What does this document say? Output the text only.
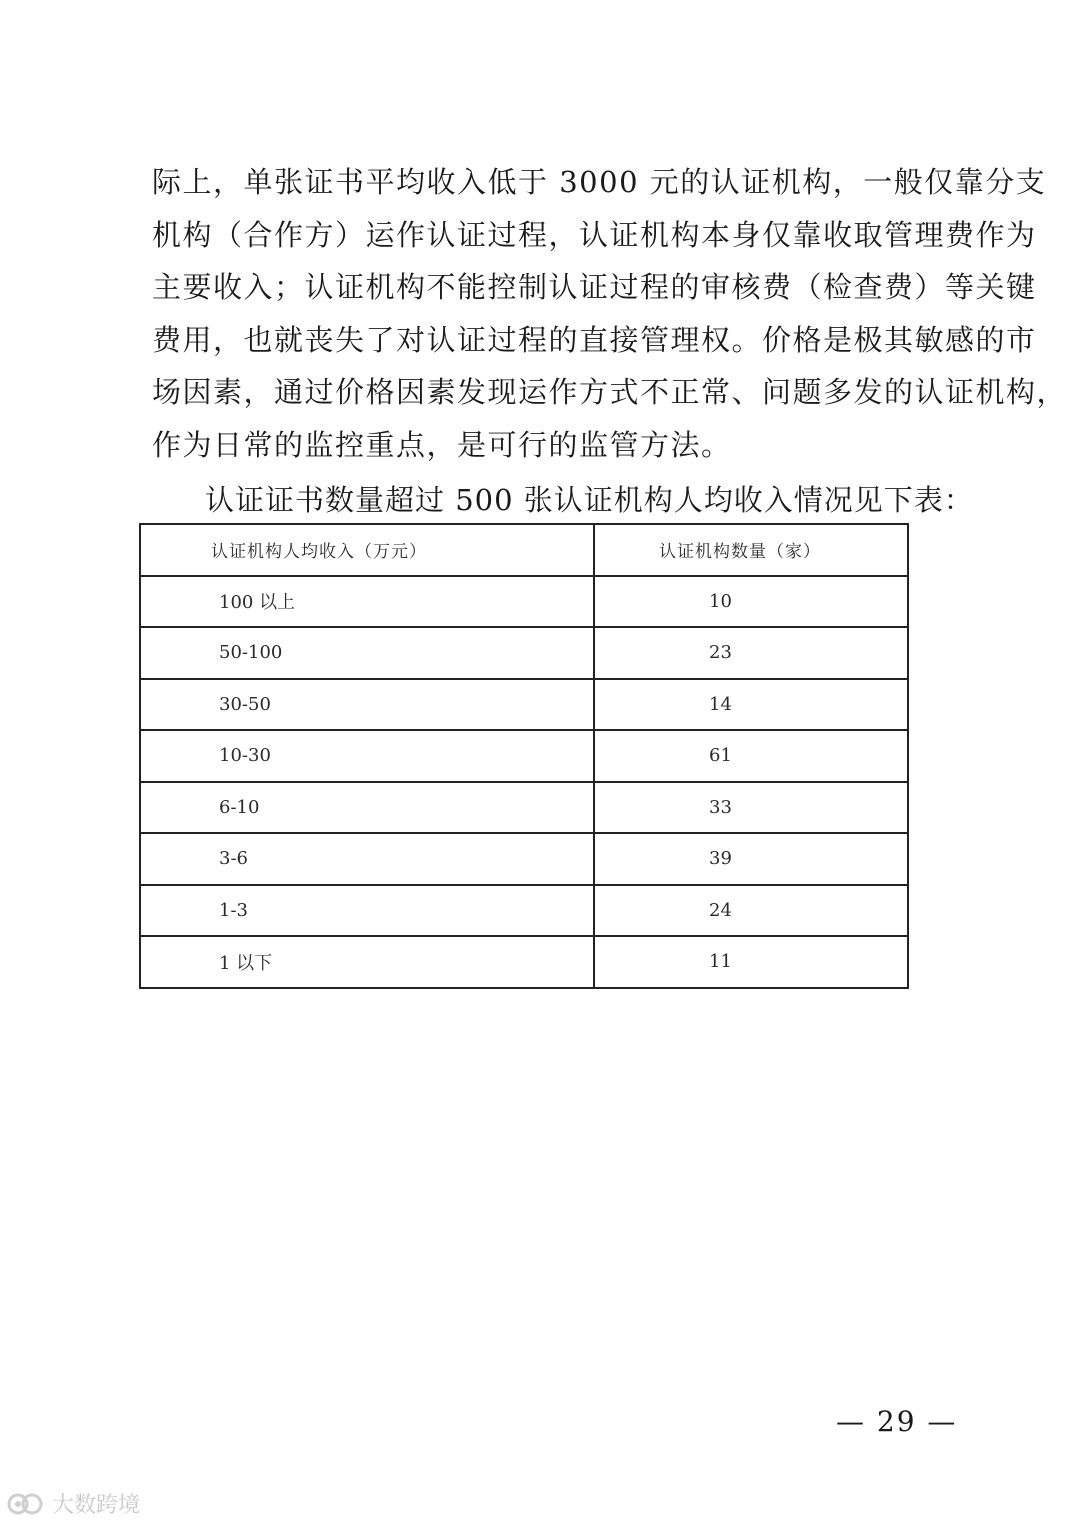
际上，单张证书平均收入低于 3000 元的认证机构，一般仅靠分支
机构（合作方）运作认证过程，认证机构本身仅靠收取管理费作为
主要收入；认证机构不能控制认证过程的审核费（检查费）等关键
费用，也就丧失了对认证过程的直接管理权。价格是极其敏感的市
场因素，通过价格因素发现运作方式不正常、问题多发的认证机构，
作为日常的监控重点，是可行的监管方法。

认证证书数量超过 500 张认证机构人均收入情况见下表：

认证机构人均收入（万元）	认证机构数量（家）
100 以上	10
50-100	23
30-50	14
10-30	61
6-10	33
3-6	39
1-3	24
1 以下	11
— 29 —
大数跨境
